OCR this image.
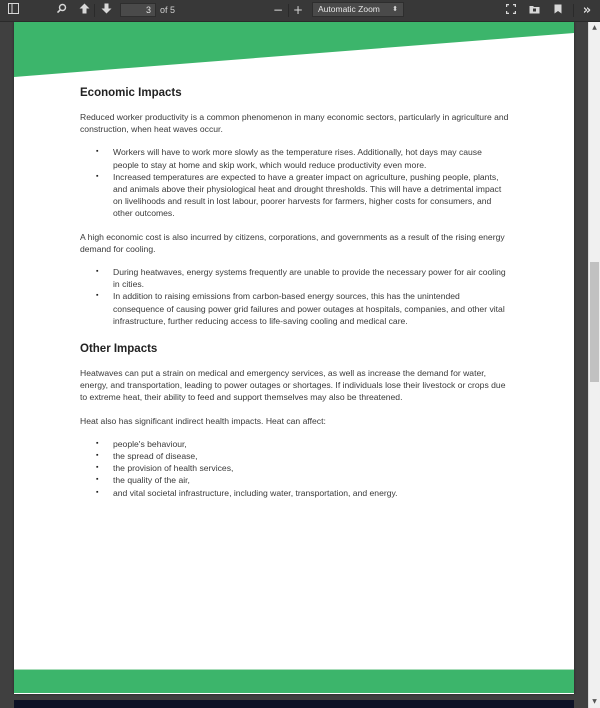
3	of 5	− +	Automatic Zoom ⬍	»
Economic Impacts

Reduced worker productivity is a common phenomenon in many economic sectors, particularly in agriculture and construction, when heat waves occur.

▪ Workers will have to work more slowly as the temperature rises. Additionally, hot days may cause people to stay at home and skip work, which would reduce productivity even more.
▪ Increased temperatures are expected to have a greater impact on agriculture, pushing people, plants, and animals above their physiological heat and drought thresholds. This will have a detrimental impact on livelihoods and result in lost labour, poorer harvests for farmers, higher costs for consumers, and other outcomes.

A high economic cost is also incurred by citizens, corporations, and governments as a result of the rising energy demand for cooling.

▪ During heatwaves, energy systems frequently are unable to provide the necessary power for air cooling in cities.
▪ In addition to raising emissions from carbon-based energy sources, this has the unintended consequence of causing power grid failures and power outages at hospitals, companies, and other vital infrastructure, further reducing access to life-saving cooling and medical care.
Other Impacts

Heatwaves can put a strain on medical and emergency services, as well as increase the demand for water, energy, and transportation, leading to power outages or shortages. If individuals lose their livestock or crops due to extreme heat, their ability to feed and support themselves may also be threatened.

Heat also has significant indirect health impacts. Heat can affect:

▪ people's behaviour,
▪ the spread of disease,
▪ the provision of health services,
▪ the quality of the air,
▪ and vital societal infrastructure, including water, transportation, and energy.
▲
▼
